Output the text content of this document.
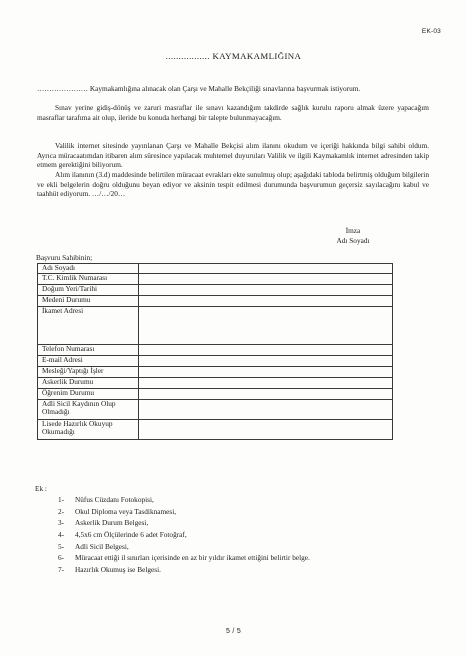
EK-03
................. KAYMAKAMLIĞINA
………………… Kaymakamlığına alınacak olan Çarşı ve Mahalle Bekçiliği sınavlarına başvurmak istiyorum.
Sınav yerine gidiş-dönüş ve zaruri masraflar ile sınavı kazandığım takdirde sağlık kurulu raporu almak üzere yapacağım masraflar tarafıma ait olup, ileride bu konuda herhangi bir talepte bulunmayacağım.
Valilik internet sitesinde yayınlanan Çarşı ve Mahalle Bekçisi alım ilanını okudum ve içeriği hakkında bilgi sahibi oldum. Ayrıca müracaatımdan itibaren alım süresince yapılacak muhtemel duyuruları Valilik ve ilgili Kaymakamlık internet adresinden takip etmem gerektiğini biliyorum.
Alım ilanının (3.d) maddesinde belirtilen müracaat evrakları ekte sunulmuş olup; aşağıdaki tabloda belirtmiş olduğum bilgilerin ve ekli belgelerin doğru olduğunu beyan ediyor ve aksinin tespit edilmesi durumunda başvurumun geçersiz sayılacağını kabul ve taahhüt ediyorum. …/…/20…
İmza
Adı Soyadı
Başvuru Sahibinin;
Adı Soyadı	
T.C. Kimlik Numarası	
Doğum Yeri/Tarihi	
Medeni Durumu	
İkamet Adresi	
Telefon Numarası	
E-mail Adresi	
Mesleği/Yaptığı İşler	
Askerlik Durumu	
Öğrenim Durumu	
Adli Sicil Kaydının Olup Olmadığı	
Lisede Hazırlık Okuyup Okumadığı	
Ek :
1- Nüfus Cüzdanı Fotokopisi,
2- Okul Diploma veya Tasdiknamesi,
3- Askerlik Durum Belgesi,
4- 4,5x6 cm Ölçülerinde 6 adet Fotoğraf,
5- Adli Sicil Belgesi,
6- Müracaat ettiği il sınırları içerisinde en az bir yıldır ikamet ettiğini belirtir belge.
7- Hazırlık Okumuş ise Belgesi.
5 / 5
